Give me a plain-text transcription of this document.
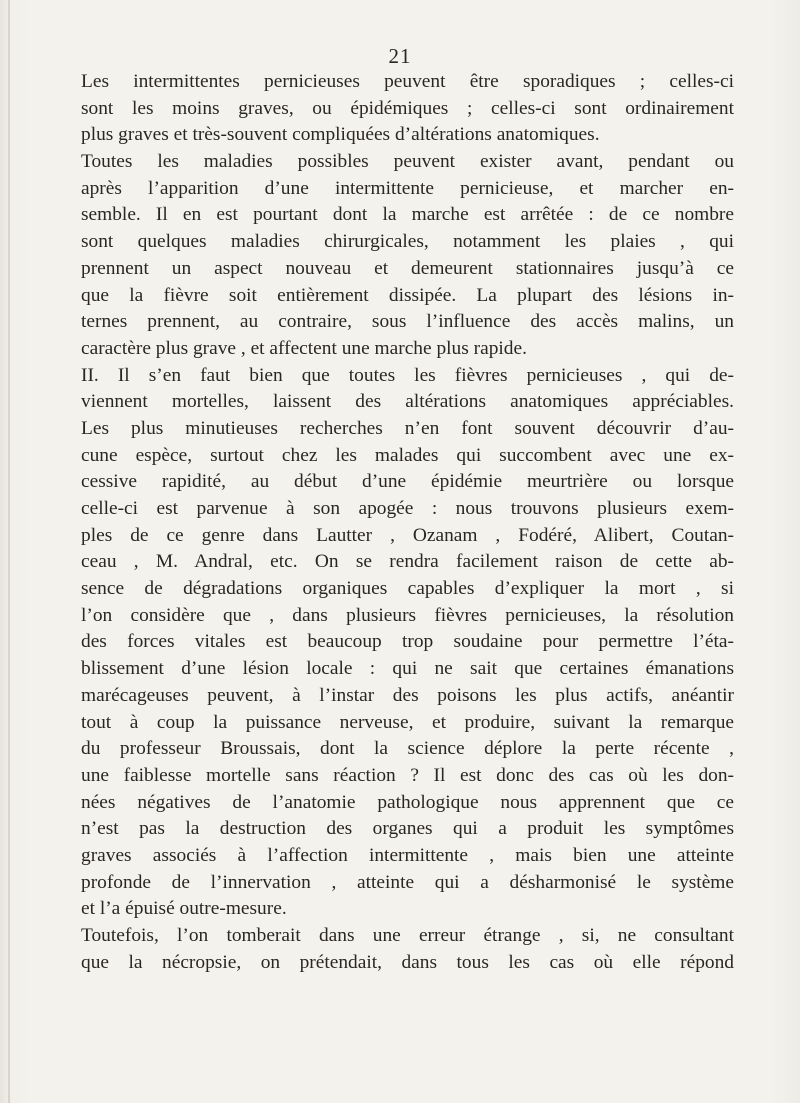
21
Les intermittentes pernicieuses peuvent être sporadiques ; celles-ci
sont les moins graves, ou épidémiques ; celles-ci sont ordinairement
plus graves et très-souvent compliquées d’altérations anatomiques.
Toutes les maladies possibles peuvent exister avant, pendant ou
après l’apparition d’une intermittente pernicieuse, et marcher en-
semble. Il en est pourtant dont la marche est arrêtée : de ce nombre
sont quelques maladies chirurgicales, notamment les plaies , qui
prennent un aspect nouveau et demeurent stationnaires jusqu’à ce
que la fièvre soit entièrement dissipée. La plupart des lésions in-
ternes prennent, au contraire, sous l’influence des accès malins, un
caractère plus grave , et affectent une marche plus rapide.
II. Il s’en faut bien que toutes les fièvres pernicieuses , qui de-
viennent mortelles, laissent des altérations anatomiques appréciables.
Les plus minutieuses recherches n’en font souvent découvrir d’au-
cune espèce, surtout chez les malades qui succombent avec une ex-
cessive rapidité, au début d’une épidémie meurtrière ou lorsque
celle-ci est parvenue à son apogée : nous trouvons plusieurs exem-
ples de ce genre dans Lautter , Ozanam , Fodéré, Alibert, Coutan-
ceau , M. Andral, etc. On se rendra facilement raison de cette ab-
sence de dégradations organiques capables d’expliquer la mort , si
l’on considère que , dans plusieurs fièvres pernicieuses, la résolution
des forces vitales est beaucoup trop soudaine pour permettre l’éta-
blissement d’une lésion locale : qui ne sait que certaines émanations
marécageuses peuvent, à l’instar des poisons les plus actifs, anéantir
tout à coup la puissance nerveuse, et produire, suivant la remarque
du professeur Broussais, dont la science déplore la perte récente ,
une faiblesse mortelle sans réaction ? Il est donc des cas où les don-
nées négatives de l’anatomie pathologique nous apprennent que ce
n’est pas la destruction des organes qui a produit les symptômes
graves associés à l’affection intermittente , mais bien une atteinte
profonde de l’innervation , atteinte qui a désharmonisé le système
et l’a épuisé outre-mesure.
Toutefois, l’on tomberait dans une erreur étrange , si, ne consultant
que la nécropsie, on prétendait, dans tous les cas où elle répond
